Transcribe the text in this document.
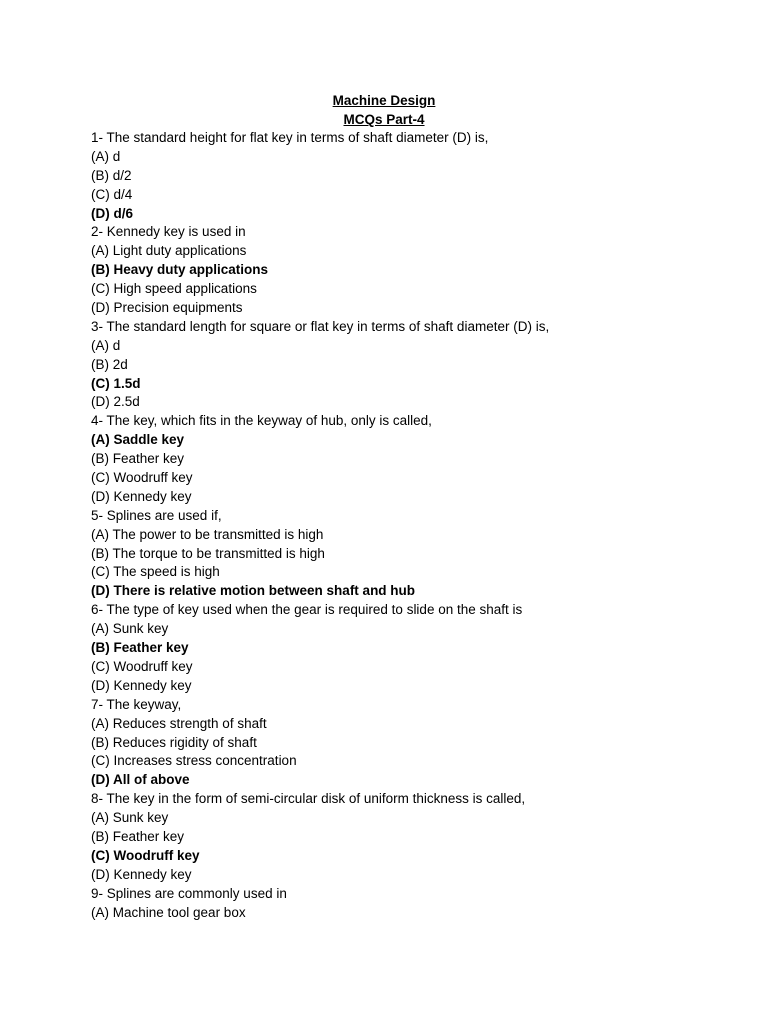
Machine Design
MCQs Part-4
1- The standard height for flat key in terms of shaft diameter (D) is,
(A) d
(B) d/2
(C) d/4
(D) d/6
2- Kennedy key is used in
(A) Light duty applications
(B) Heavy duty applications
(C) High speed applications
(D) Precision equipments
3- The standard length for square or flat key in terms of shaft diameter (D) is,
(A) d
(B) 2d
(C) 1.5d
(D) 2.5d
4- The key, which fits in the keyway of hub, only is called,
(A) Saddle key
(B) Feather key
(C) Woodruff key
(D) Kennedy key
5- Splines are used if,
(A) The power to be transmitted is high
(B) The torque to be transmitted is high
(C) The speed is high
(D) There is relative motion between shaft and hub
6- The type of key used when the gear is required to slide on the shaft is
(A) Sunk key
(B) Feather key
(C) Woodruff key
(D) Kennedy key
7- The keyway,
(A) Reduces strength of shaft
(B) Reduces rigidity of shaft
(C) Increases stress concentration
(D) All of above
8- The key in the form of semi-circular disk of uniform thickness is called,
(A) Sunk key
(B) Feather key
(C) Woodruff key
(D) Kennedy key
9- Splines are commonly used in
(A) Machine tool gear box
